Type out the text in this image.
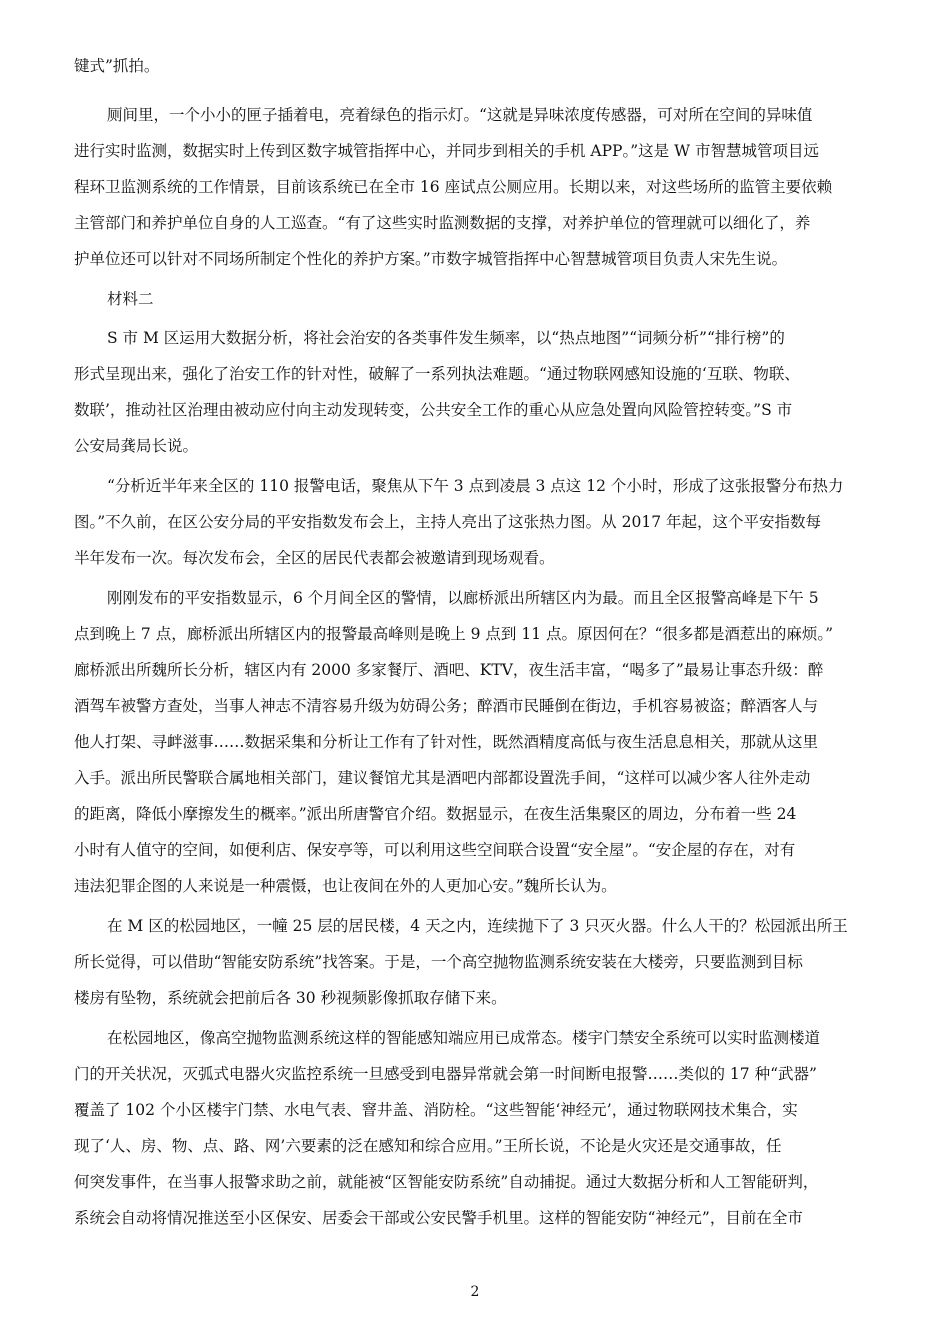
键式”抓拍。
厕间里，一个小小的匣子插着电，亮着绿色的指示灯。“这就是异味浓度传感器，可对所在空间的异味值
进行实时监测，数据实时上传到区数字城管指挥中心，并同步到相关的手机 APP。”这是 W 市智慧城管项目远
程环卫监测系统的工作情景，目前该系统已在全市 16 座试点公厕应用。长期以来，对这些场所的监管主要依赖
主管部门和养护单位自身的人工巡查。“有了这些实时监测数据的支撑，对养护单位的管理就可以细化了，养
护单位还可以针对不同场所制定个性化的养护方案。”市数字城管指挥中心智慧城管项目负责人宋先生说。
材料二
S 市 M 区运用大数据分析，将社会治安的各类事件发生频率，以“热点地图”“词频分析”“排行榜”的
形式呈现出来，强化了治安工作的针对性，破解了一系列执法难题。“通过物联网感知设施的‘互联、物联、
数联’，推动社区治理由被动应付向主动发现转变，公共安全工作的重心从应急处置向风险管控转变。”S 市
公安局龚局长说。
“分析近半年来全区的 110 报警电话，聚焦从下午 3 点到凌晨 3 点这 12 个小时，形成了这张报警分布热力
图。”不久前，在区公安分局的平安指数发布会上，主持人亮出了这张热力图。从 2017 年起，这个平安指数每
半年发布一次。每次发布会，全区的居民代表都会被邀请到现场观看。
刚刚发布的平安指数显示，6 个月间全区的警情，以廊桥派出所辖区内为最。而且全区报警高峰是下午 5
点到晚上 7 点，廊桥派出所辖区内的报警最高峰则是晚上 9 点到 11 点。原因何在？“很多都是酒惹出的麻烦。”
廊桥派出所魏所长分析，辖区内有 2000 多家餐厅、酒吧、KTV，夜生活丰富，“喝多了”最易让事态升级：醉
酒驾车被警方查处，当事人神志不清容易升级为妨碍公务；醉酒市民睡倒在街边，手机容易被盗；醉酒客人与
他人打架、寻衅滋事……数据采集和分析让工作有了针对性，既然酒精度高低与夜生活息息相关，那就从这里
入手。派出所民警联合属地相关部门，建议餐馆尤其是酒吧内部都设置洗手间，“这样可以减少客人往外走动
的距离，降低小摩擦发生的概率。”派出所唐警官介绍。数据显示，在夜生活集聚区的周边，分布着一些 24
小时有人值守的空间，如便利店、保安亭等，可以利用这些空间联合设置“安全屋”。“安企屋的存在，对有
违法犯罪企图的人来说是一种震慑，也让夜间在外的人更加心安。”魏所长认为。
在 M 区的松园地区，一幢 25 层的居民楼，4 天之内，连续抛下了 3 只灭火器。什么人干的？松园派出所王
所长觉得，可以借助“智能安防系统”找答案。于是，一个高空抛物监测系统安装在大楼旁，只要监测到目标
楼房有坠物，系统就会把前后各 30 秒视频影像抓取存储下来。
在松园地区，像高空抛物监测系统这样的智能感知端应用已成常态。楼宇门禁安全系统可以实时监测楼道
门的开关状况，灭弧式电器火灾监控系统一旦感受到电器异常就会第一时间断电报警……类似的 17 种“武器”
覆盖了 102 个小区楼宇门禁、水电气表、窨井盖、消防栓。“这些智能‘神经元’，通过物联网技术集合，实
现了‘人、房、物、点、路、网’六要素的泛在感知和综合应用。”王所长说，不论是火灾还是交通事故，任
何突发事件，在当事人报警求助之前，就能被“区智能安防系统”自动捕捉。通过大数据分析和人工智能研判，
系统会自动将情况推送至小区保安、居委会干部或公安民警手机里。这样的智能安防“神经元”，目前在全市
2
